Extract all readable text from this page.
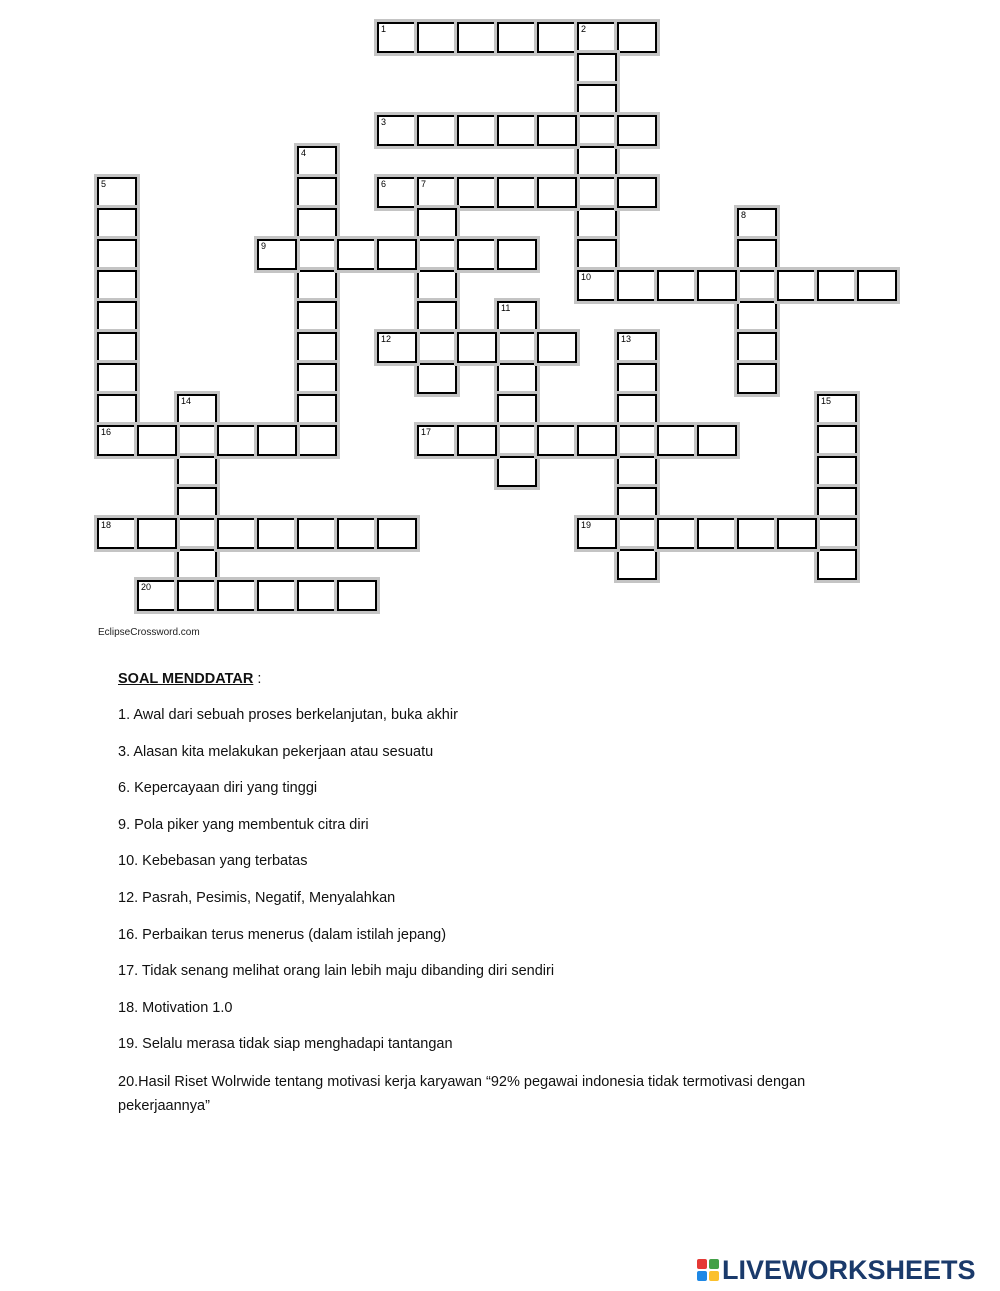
1	2
10
3
4
5
16
6	7
8
9
11
12	13
14	15
17
18	19
20
EclipseCrossword.com
SOAL MENDDATAR :
1. Awal dari sebuah proses berkelanjutan, buka akhir
3. Alasan kita melakukan pekerjaan atau sesuatu
6. Kepercayaan diri yang tinggi
9. Pola piker yang membentuk citra diri
10. Kebebasan yang terbatas
12. Pasrah, Pesimis, Negatif, Menyalahkan
16. Perbaikan terus menerus (dalam istilah jepang)
17. Tidak senang melihat orang lain lebih maju dibanding diri sendiri
18. Motivation 1.0
19. Selalu merasa tidak siap menghadapi tantangan
20.Hasil Riset Wolrwide tentang motivasi kerja karyawan “92% pegawai indonesia tidak termotivasi dengan pekerjaannya”
LIVEWORKSHEETS
